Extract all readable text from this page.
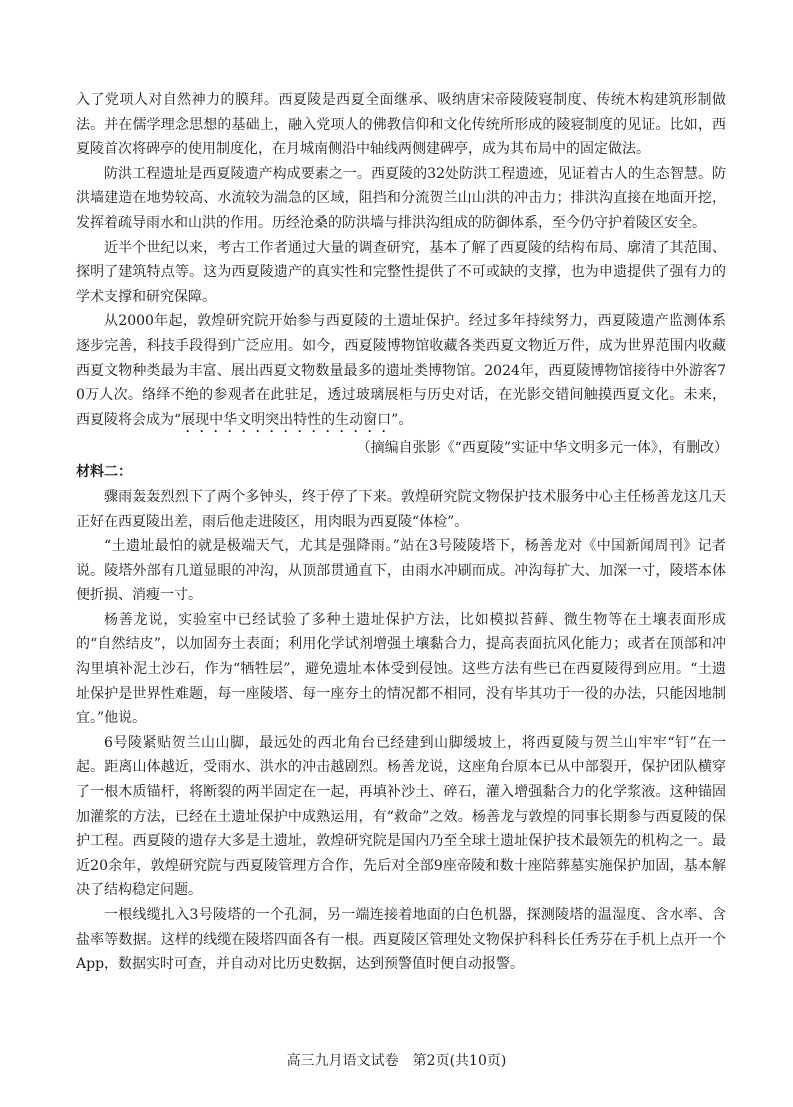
入了党项人对自然神力的膜拜。西夏陵是西夏全面继承、吸纳唐宋帝陵陵寝制度、传统木构建筑形制做法。并在儒学理念思想的基础上，融入党项人的佛教信仰和文化传统所形成的陵寝制度的见证。比如，西夏陵首次将碑亭的使用制度化，在月城南侧沿中轴线两侧建碑亭，成为其布局中的固定做法。

防洪工程遗址是西夏陵遗产构成要素之一。西夏陵的32处防洪工程遗迹，见证着古人的生态智慧。防洪墙建造在地势较高、水流较为湍急的区域，阻挡和分流贺兰山山洪的冲击力；排洪沟直接在地面开挖，发挥着疏导雨水和山洪的作用。历经沧桑的防洪墙与排洪沟组成的防御体系，至今仍守护着陵区安全。

近半个世纪以来，考古工作者通过大量的调查研究，基本了解了西夏陵的结构布局、廓清了其范围、探明了建筑特点等。这为西夏陵遗产的真实性和完整性提供了不可或缺的支撑，也为申遗提供了强有力的学术支撑和研究保障。

从2000年起，敦煌研究院开始参与西夏陵的土遗址保护。经过多年持续努力，西夏陵遗产监测体系逐步完善，科技手段得到广泛应用。如今，西夏陵博物馆收藏各类西夏文物近万件，成为世界范围内收藏西夏文物种类最为丰富、展出西夏文物数量最多的遗址类博物馆。2024年，西夏陵博物馆接待中外游客70万人次。络绎不绝的参观者在此驻足，透过玻璃展柜与历史对话，在光影交错间触摸西夏文化。未来，西夏陵将会成为“展现中华文明突出特性的生动窗口”。

（摘编自张影《“西夏陵”实证中华文明多元一体》，有删改）

材料二：

骤雨轰轰烈烈下了两个多钟头，终于停了下来。敦煌研究院文物保护技术服务中心主任杨善龙这几天正好在西夏陵出差，雨后他走进陵区，用肉眼为西夏陵“体检”。

“土遗址最怕的就是极端天气，尤其是强降雨。”站在3号陵陵塔下，杨善龙对《中国新闻周刊》记者说。陵塔外部有几道显眼的冲沟，从顶部贯通直下，由雨水冲刷而成。冲沟每扩大、加深一寸，陵塔本体便折损、消瘦一寸。

杨善龙说，实验室中已经试验了多种土遗址保护方法，比如模拟苔藓、微生物等在土壤表面形成的“自然结皮”，以加固夯土表面；利用化学试剂增强土壤黏合力，提高表面抗风化能力；或者在顶部和冲沟里填补泥土沙石，作为“牺牲层”，避免遗址本体受到侵蚀。这些方法有些已在西夏陵得到应用。“土遗址保护是世界性难题，每一座陵塔、每一座夯土的情况都不相同，没有毕其功于一役的办法，只能因地制宜。”他说。

6号陵紧贴贺兰山山脚，最远处的西北角台已经建到山脚缓坡上，将西夏陵与贺兰山牢牢“钉”在一起。距离山体越近，受雨水、洪水的冲击越剧烈。杨善龙说，这座角台原本已从中部裂开，保护团队横穿了一根木质锚杆，将断裂的两半固定在一起，再填补沙土、碎石，灌入增强黏合力的化学浆液。这种锚固加灌浆的方法，已经在土遗址保护中成熟运用，有“救命”之效。杨善龙与敦煌的同事长期参与西夏陵的保护工程。西夏陵的遗存大多是土遗址，敦煌研究院是国内乃至全球土遗址保护技术最领先的机构之一。最近20余年，敦煌研究院与西夏陵管理方合作，先后对全部9座帝陵和数十座陪葬墓实施保护加固，基本解决了结构稳定问题。

一根线缆扎入3号陵塔的一个孔洞，另一端连接着地面的白色机器，探测陵塔的温湿度、含水率、含盐率等数据。这样的线缆在陵塔四面各有一根。西夏陵区管理处文物保护科科长任秀芬在手机上点开一个App，数据实时可查，并自动对比历史数据，达到预警值时便自动报警。

高三九月语文试卷　第2页(共10页)
